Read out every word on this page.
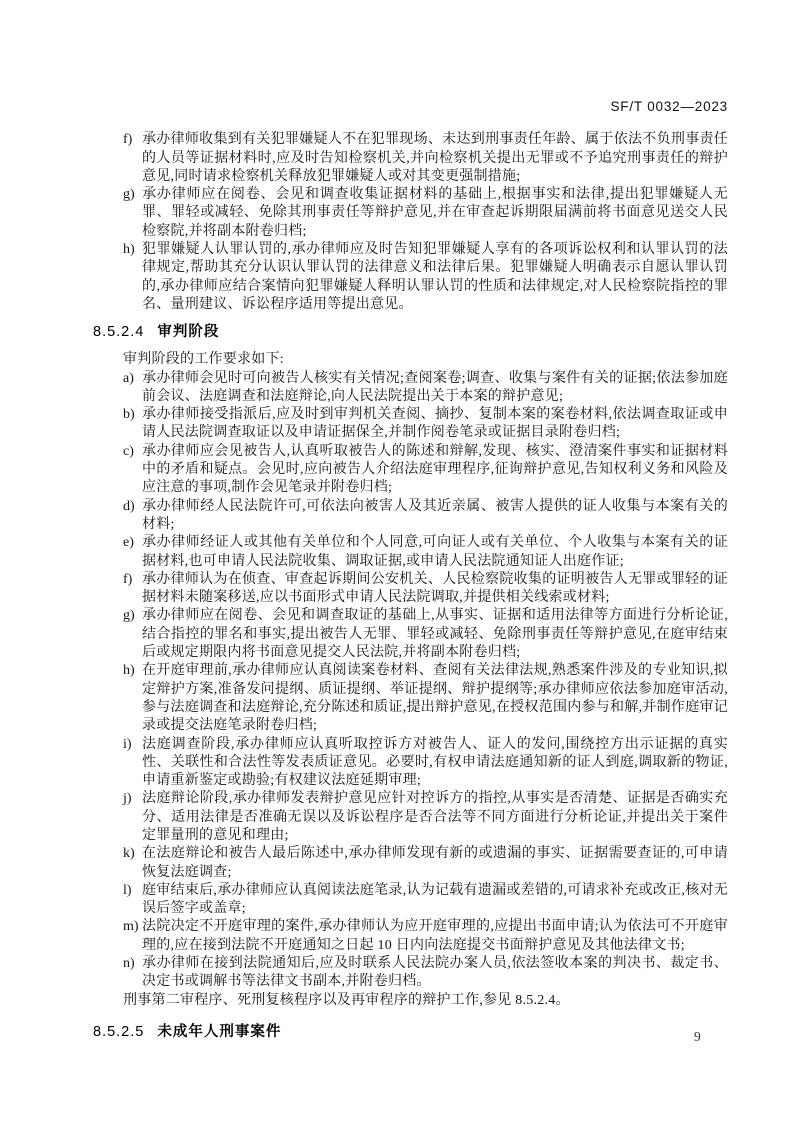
SF/T 0032—2023
f) 承办律师收集到有关犯罪嫌疑人不在犯罪现场、未达到刑事责任年龄、属于依法不负刑事责任的人员等证据材料时,应及时告知检察机关,并向检察机关提出无罪或不予追究刑事责任的辩护意见,同时请求检察机关释放犯罪嫌疑人或对其变更强制措施;
g) 承办律师应在阅卷、会见和调查收集证据材料的基础上,根据事实和法律,提出犯罪嫌疑人无罪、罪轻或减轻、免除其刑事责任等辩护意见,并在审查起诉期限届满前将书面意见送交人民检察院,并将副本附卷归档;
h) 犯罪嫌疑人认罪认罚的,承办律师应及时告知犯罪嫌疑人享有的各项诉讼权利和认罪认罚的法律规定,帮助其充分认识认罪认罚的法律意义和法律后果。犯罪嫌疑人明确表示自愿认罪认罚的,承办律师应结合案情向犯罪嫌疑人释明认罪认罚的性质和法律规定,对人民检察院指控的罪名、量刑建议、诉讼程序适用等提出意见。
8.5.2.4 审判阶段

审判阶段的工作要求如下:

a) 承办律师会见时可向被告人核实有关情况;查阅案卷;调查、收集与案件有关的证据;依法参加庭前会议、法庭调查和法庭辩论,向人民法院提出关于本案的辩护意见;
b) 承办律师接受指派后,应及时到审判机关查阅、摘抄、复制本案的案卷材料,依法调查取证或申请人民法院调查取证以及申请证据保全,并制作阅卷笔录或证据目录附卷归档;
c) 承办律师应会见被告人,认真听取被告人的陈述和辩解,发现、核实、澄清案件事实和证据材料中的矛盾和疑点。会见时,应向被告人介绍法庭审理程序,征询辩护意见,告知权利义务和风险及应注意的事项,制作会见笔录并附卷归档;
d) 承办律师经人民法院许可,可依法向被害人及其近亲属、被害人提供的证人收集与本案有关的材料;
e) 承办律师经证人或其他有关单位和个人同意,可向证人或有关单位、个人收集与本案有关的证据材料,也可申请人民法院收集、调取证据,或申请人民法院通知证人出庭作证;
f) 承办律师认为在侦查、审查起诉期间公安机关、人民检察院收集的证明被告人无罪或罪轻的证据材料未随案移送,应以书面形式申请人民法院调取,并提供相关线索或材料;
g) 承办律师应在阅卷、会见和调查取证的基础上,从事实、证据和适用法律等方面进行分析论证,结合指控的罪名和事实,提出被告人无罪、罪轻或减轻、免除刑事责任等辩护意见,在庭审结束后或规定期限内将书面意见提交人民法院,并将副本附卷归档;
h) 在开庭审理前,承办律师应认真阅读案卷材料、查阅有关法律法规,熟悉案件涉及的专业知识,拟定辩护方案,准备发问提纲、质证提纲、举证提纲、辩护提纲等;承办律师应依法参加庭审活动,参与法庭调查和法庭辩论,充分陈述和质证,提出辩护意见,在授权范围内参与和解,并制作庭审记录或提交法庭笔录附卷归档;
i) 法庭调查阶段,承办律师应认真听取控诉方对被告人、证人的发问,围绕控方出示证据的真实性、关联性和合法性等发表质证意见。必要时,有权申请法庭通知新的证人到庭,调取新的物证,申请重新鉴定或勘验;有权建议法庭延期审理;
j) 法庭辩论阶段,承办律师发表辩护意见应针对控诉方的指控,从事实是否清楚、证据是否确实充分、适用法律是否准确无误以及诉讼程序是否合法等不同方面进行分析论证,并提出关于案件定罪量刑的意见和理由;
k) 在法庭辩论和被告人最后陈述中,承办律师发现有新的或遗漏的事实、证据需要查证的,可申请恢复法庭调查;
l) 庭审结束后,承办律师应认真阅读法庭笔录,认为记载有遗漏或差错的,可请求补充或改正,核对无误后签字或盖章;
m) 法院决定不开庭审理的案件,承办律师认为应开庭审理的,应提出书面申请;认为依法可不开庭审理的,应在接到法院不开庭通知之日起 10 日内向法庭提交书面辩护意见及其他法律文书;
n) 承办律师在接到法院通知后,应及时联系人民法院办案人员,依法签收本案的判决书、裁定书、决定书或调解书等法律文书副本,并附卷归档。

刑事第二审程序、死刑复核程序以及再审程序的辩护工作,参见 8.5.2.4。

8.5.2.5 未成年人刑事案件	9
